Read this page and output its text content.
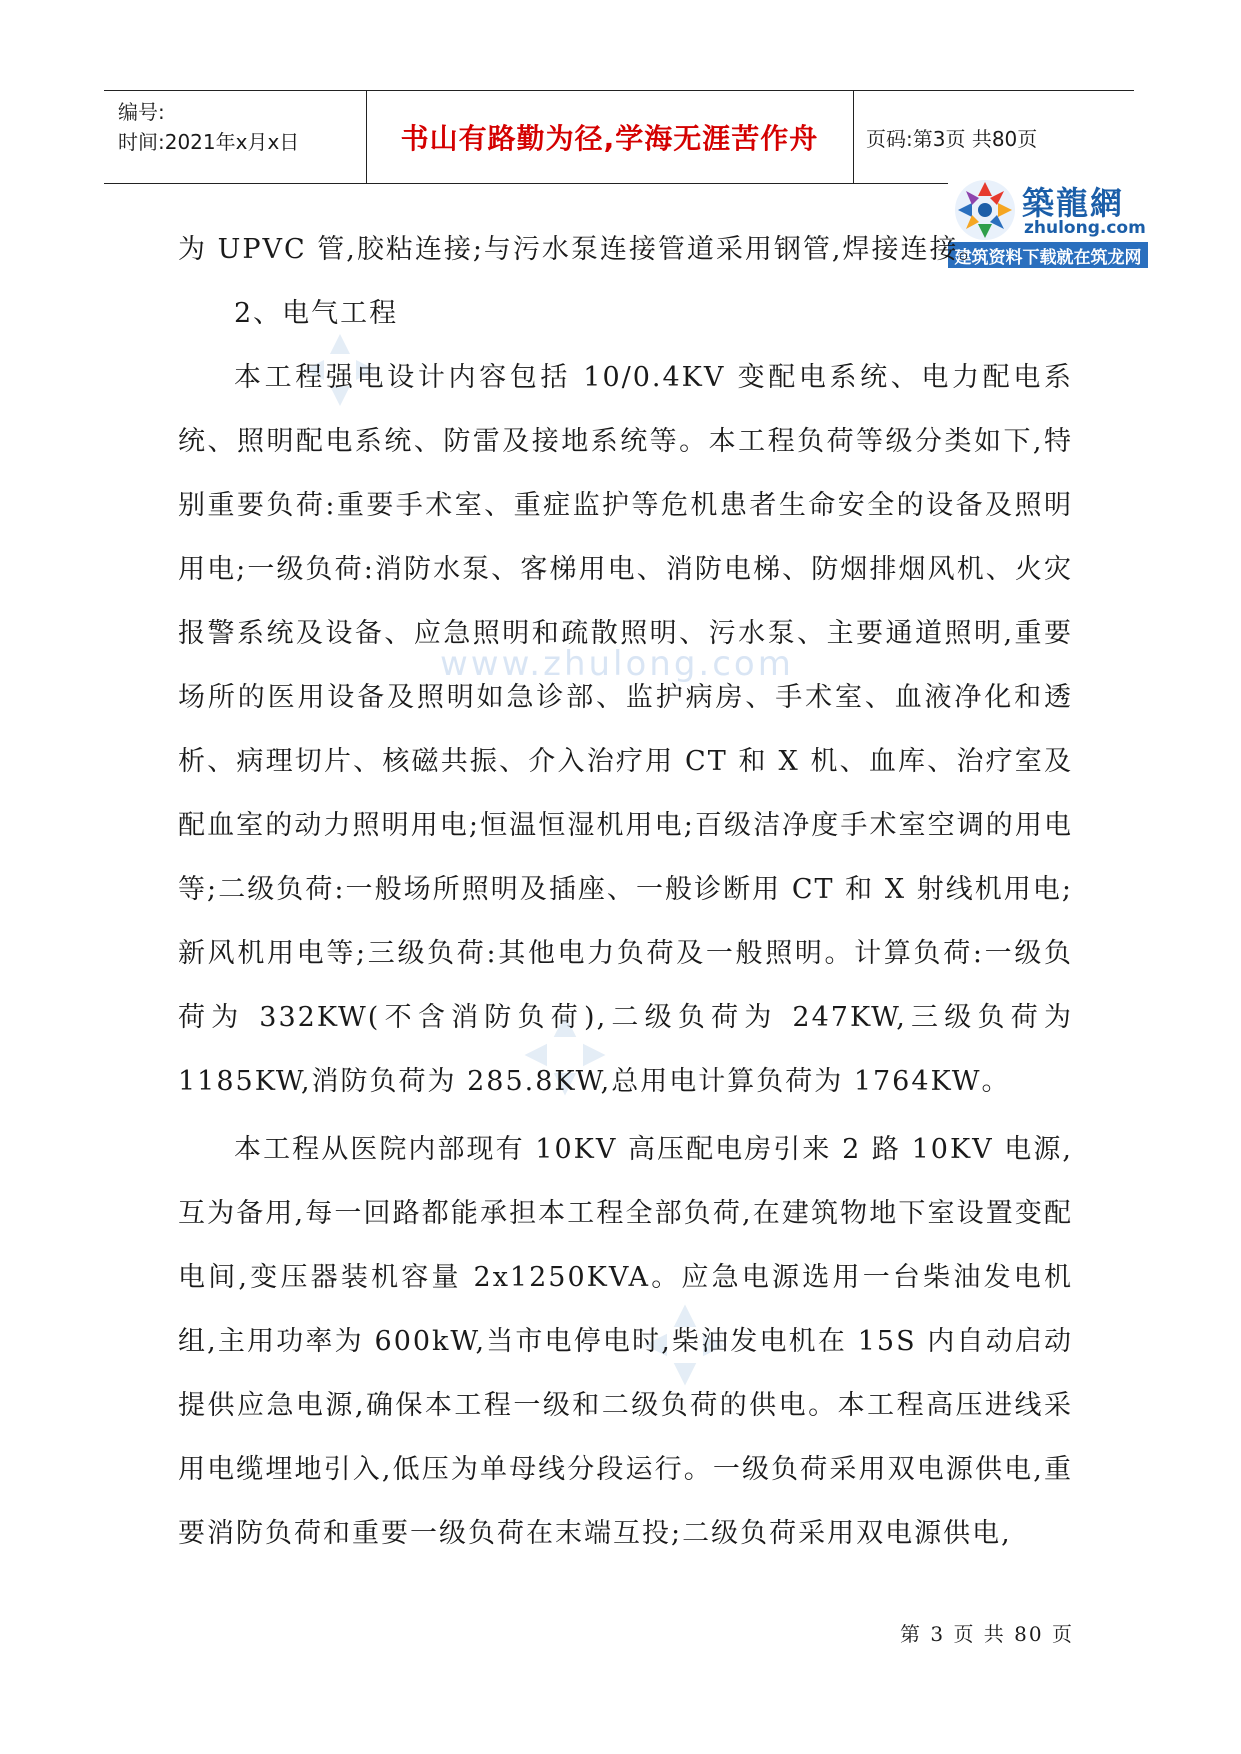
编号:
时间:2021年x月x日	书山有路勤为径,学海无涯苦作舟	页码:第3页 共80页
築龍網
zhulong.com
建筑资料下载就在筑龙网
www.zhulong.com

为 UPVC 管,胶粘连接;与污水泵连接管道采用钢管,焊接连接。

2、电气工程

本工程强电设计内容包括 10/0.4KV 变配电系统、电力配电系统、照明配电系统、防雷及接地系统等。本工程负荷等级分类如下,特别重要负荷:重要手术室、重症监护等危机患者生命安全的设备及照明用电;一级负荷:消防水泵、客梯用电、消防电梯、防烟排烟风机、火灾报警系统及设备、应急照明和疏散照明、污水泵、主要通道照明,重要场所的医用设备及照明如急诊部、监护病房、手术室、血液净化和透析、病理切片、核磁共振、介入治疗用 CT 和 X 机、血库、治疗室及配血室的动力照明用电;恒温恒湿机用电;百级洁净度手术室空调的用电等;二级负荷:一般场所照明及插座、一般诊断用 CT 和 X 射线机用电;新风机用电等;三级负荷:其他电力负荷及一般照明。计算负荷:一级负荷为 332KW(不含消防负荷),二级负荷为 247KW,三级负荷为 1185KW,消防负荷为 285.8KW,总用电计算负荷为 1764KW。

本工程从医院内部现有 10KV 高压配电房引来 2 路 10KV 电源,互为备用,每一回路都能承担本工程全部负荷,在建筑物地下室设置变配电间,变压器装机容量 2x1250KVA。应急电源选用一台柴油发电机组,主用功率为 600kW,当市电停电时,柴油发电机在 15S 内自动启动提供应急电源,确保本工程一级和二级负荷的供电。本工程高压进线采用电缆埋地引入,低压为单母线分段运行。一级负荷采用双电源供电,重要消防负荷和重要一级负荷在末端互投;二级负荷采用双电源供电,

第 3 页 共 80 页
